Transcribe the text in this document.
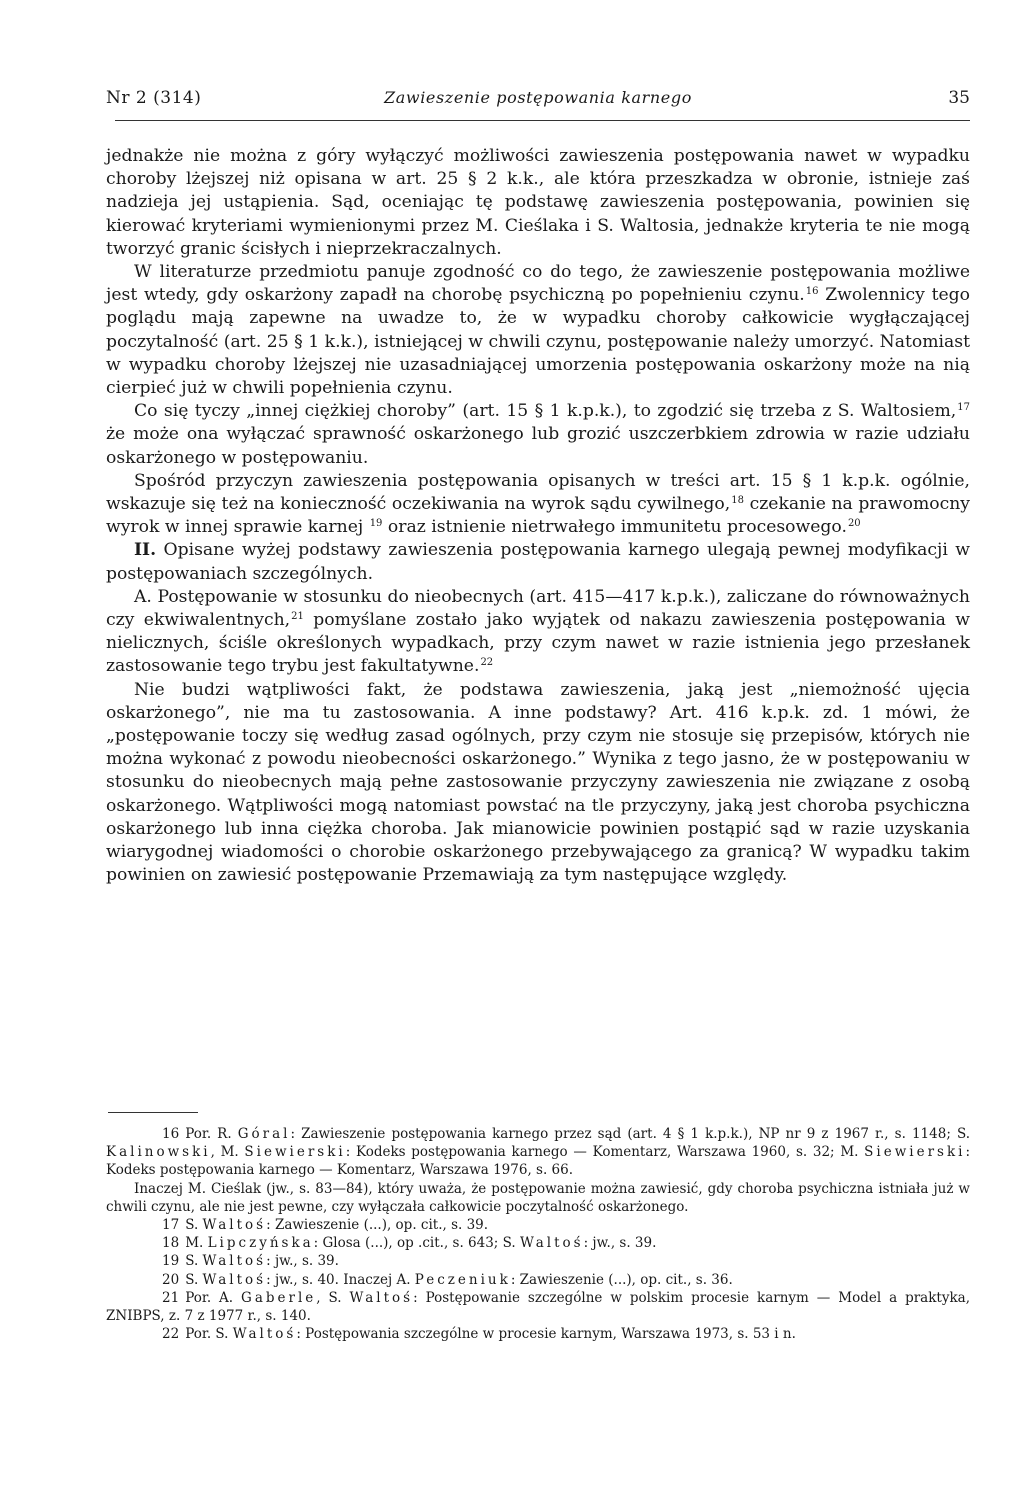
Nr 2 (314)	Zawieszenie postępowania karnego	35

jednakże nie można z góry wyłączyć możliwości zawieszenia postępowania nawet w wypadku choroby lżejszej niż opisana w art. 25 § 2 k.k., ale która przeszkadza w obronie, istnieje zaś nadzieja jej ustąpienia. Sąd, oceniając tę podstawę zawieszenia postępowania, powinien się kierować kryteriami wymienionymi przez M. Cieślaka i S. Waltosia, jednakże kryteria te nie mogą tworzyć granic ścisłych i nieprzekraczalnych.

W literaturze przedmiotu panuje zgodność co do tego, że zawieszenie postępowania możliwe jest wtedy, gdy oskarżony zapadł na chorobę psychiczną po popełnieniu czynu.$^{16}$ Zwolennicy tego poglądu mają zapewne na uwadze to, że w wypadku choroby całkowicie wygłączającej poczytalność (art. 25 § 1 k.k.), istniejącej w chwili czynu, postępowanie należy umorzyć. Natomiast w wypadku choroby lżejszej nie uzasadniającej umorzenia postępowania oskarżony może na nią cierpieć już w chwili popełnienia czynu.

Co się tyczy „innej ciężkiej choroby” (art. 15 § 1 k.p.k.), to zgodzić się trzeba z S. Waltosiem,$^{17}$ że może ona wyłączać sprawność oskarżonego lub grozić uszczerbkiem zdrowia w razie udziału oskarżonego w postępowaniu.

Spośród przyczyn zawieszenia postępowania opisanych w treści art. 15 § 1 k.p.k. ogólnie, wskazuje się też na konieczność oczekiwania na wyrok sądu cywilnego,$^{18}$ czekanie na prawomocny wyrok w innej sprawie karnej $^{19}$ oraz istnienie nietrwałego immunitetu procesowego.$^{20}$

II. Opisane wyżej podstawy zawieszenia postępowania karnego ulegają pewnej modyfikacji w postępowaniach szczególnych.

A. Postępowanie w stosunku do nieobecnych (art. 415—417 k.p.k.), zaliczane do równoważnych czy ekwiwalentnych,$^{21}$ pomyślane zostało jako wyjątek od nakazu zawieszenia postępowania w nielicznych, ściśle określonych wypadkach, przy czym nawet w razie istnienia jego przesłanek zastosowanie tego trybu jest fakultatywne.$^{22}$

Nie budzi wątpliwości fakt, że podstawa zawieszenia, jaką jest „niemożność ujęcia oskarżonego”, nie ma tu zastosowania. A inne podstawy? Art. 416 k.p.k. zd. 1 mówi, że „postępowanie toczy się według zasad ogólnych, przy czym nie stosuje się przepisów, których nie można wykonać z powodu nieobecności oskarżonego.” Wynika z tego jasno, że w postępowaniu w stosunku do nieobecnych mają pełne zastosowanie przyczyny zawieszenia nie związane z osobą oskarżonego. Wątpliwości mogą natomiast powstać na tle przyczyny, jaką jest choroba psychiczna oskarżonego lub inna ciężka choroba. Jak mianowicie powinien postąpić sąd w razie uzyskania wiarygodnej wiadomości o chorobie oskarżonego przebywającego za granicą? W wypadku takim powinien on zawiesić postępowanie Przemawiają za tym następujące względy.

16 Por. R. Góral: Zawieszenie postępowania karnego przez sąd (art. 4 § 1 k.p.k.), NP nr 9 z 1967 r., s. 1148; S. Kalinowski, M. Siewierski: Kodeks postępowania karnego — Komentarz, Warszawa 1960, s. 32; M. Siewierski: Kodeks postępowania karnego — Komentarz, Warszawa 1976, s. 66.

Inaczej M. Cieślak (jw., s. 83—84), który uważa, że postępowanie można zawiesić, gdy choroba psychiczna istniała już w chwili czynu, ale nie jest pewne, czy wyłączała całkowicie poczytalność oskarżonego.

17 S. Waltoś: Zawieszenie (...), op. cit., s. 39.

18 M. Lipczyńska: Glosa (...), op .cit., s. 643; S. Waltoś: jw., s. 39.

19 S. Waltoś: jw., s. 39.

20 S. Waltoś: jw., s. 40. Inaczej A. Peczeniuk: Zawieszenie (...), op. cit., s. 36.

21 Por. A. Gaberle, S. Waltoś: Postępowanie szczególne w polskim procesie karnym — Model a praktyka, ZNIBPS, z. 7 z 1977 r., s. 140.

22 Por. S. Waltoś: Postępowania szczególne w procesie karnym, Warszawa 1973, s. 53 i n.
